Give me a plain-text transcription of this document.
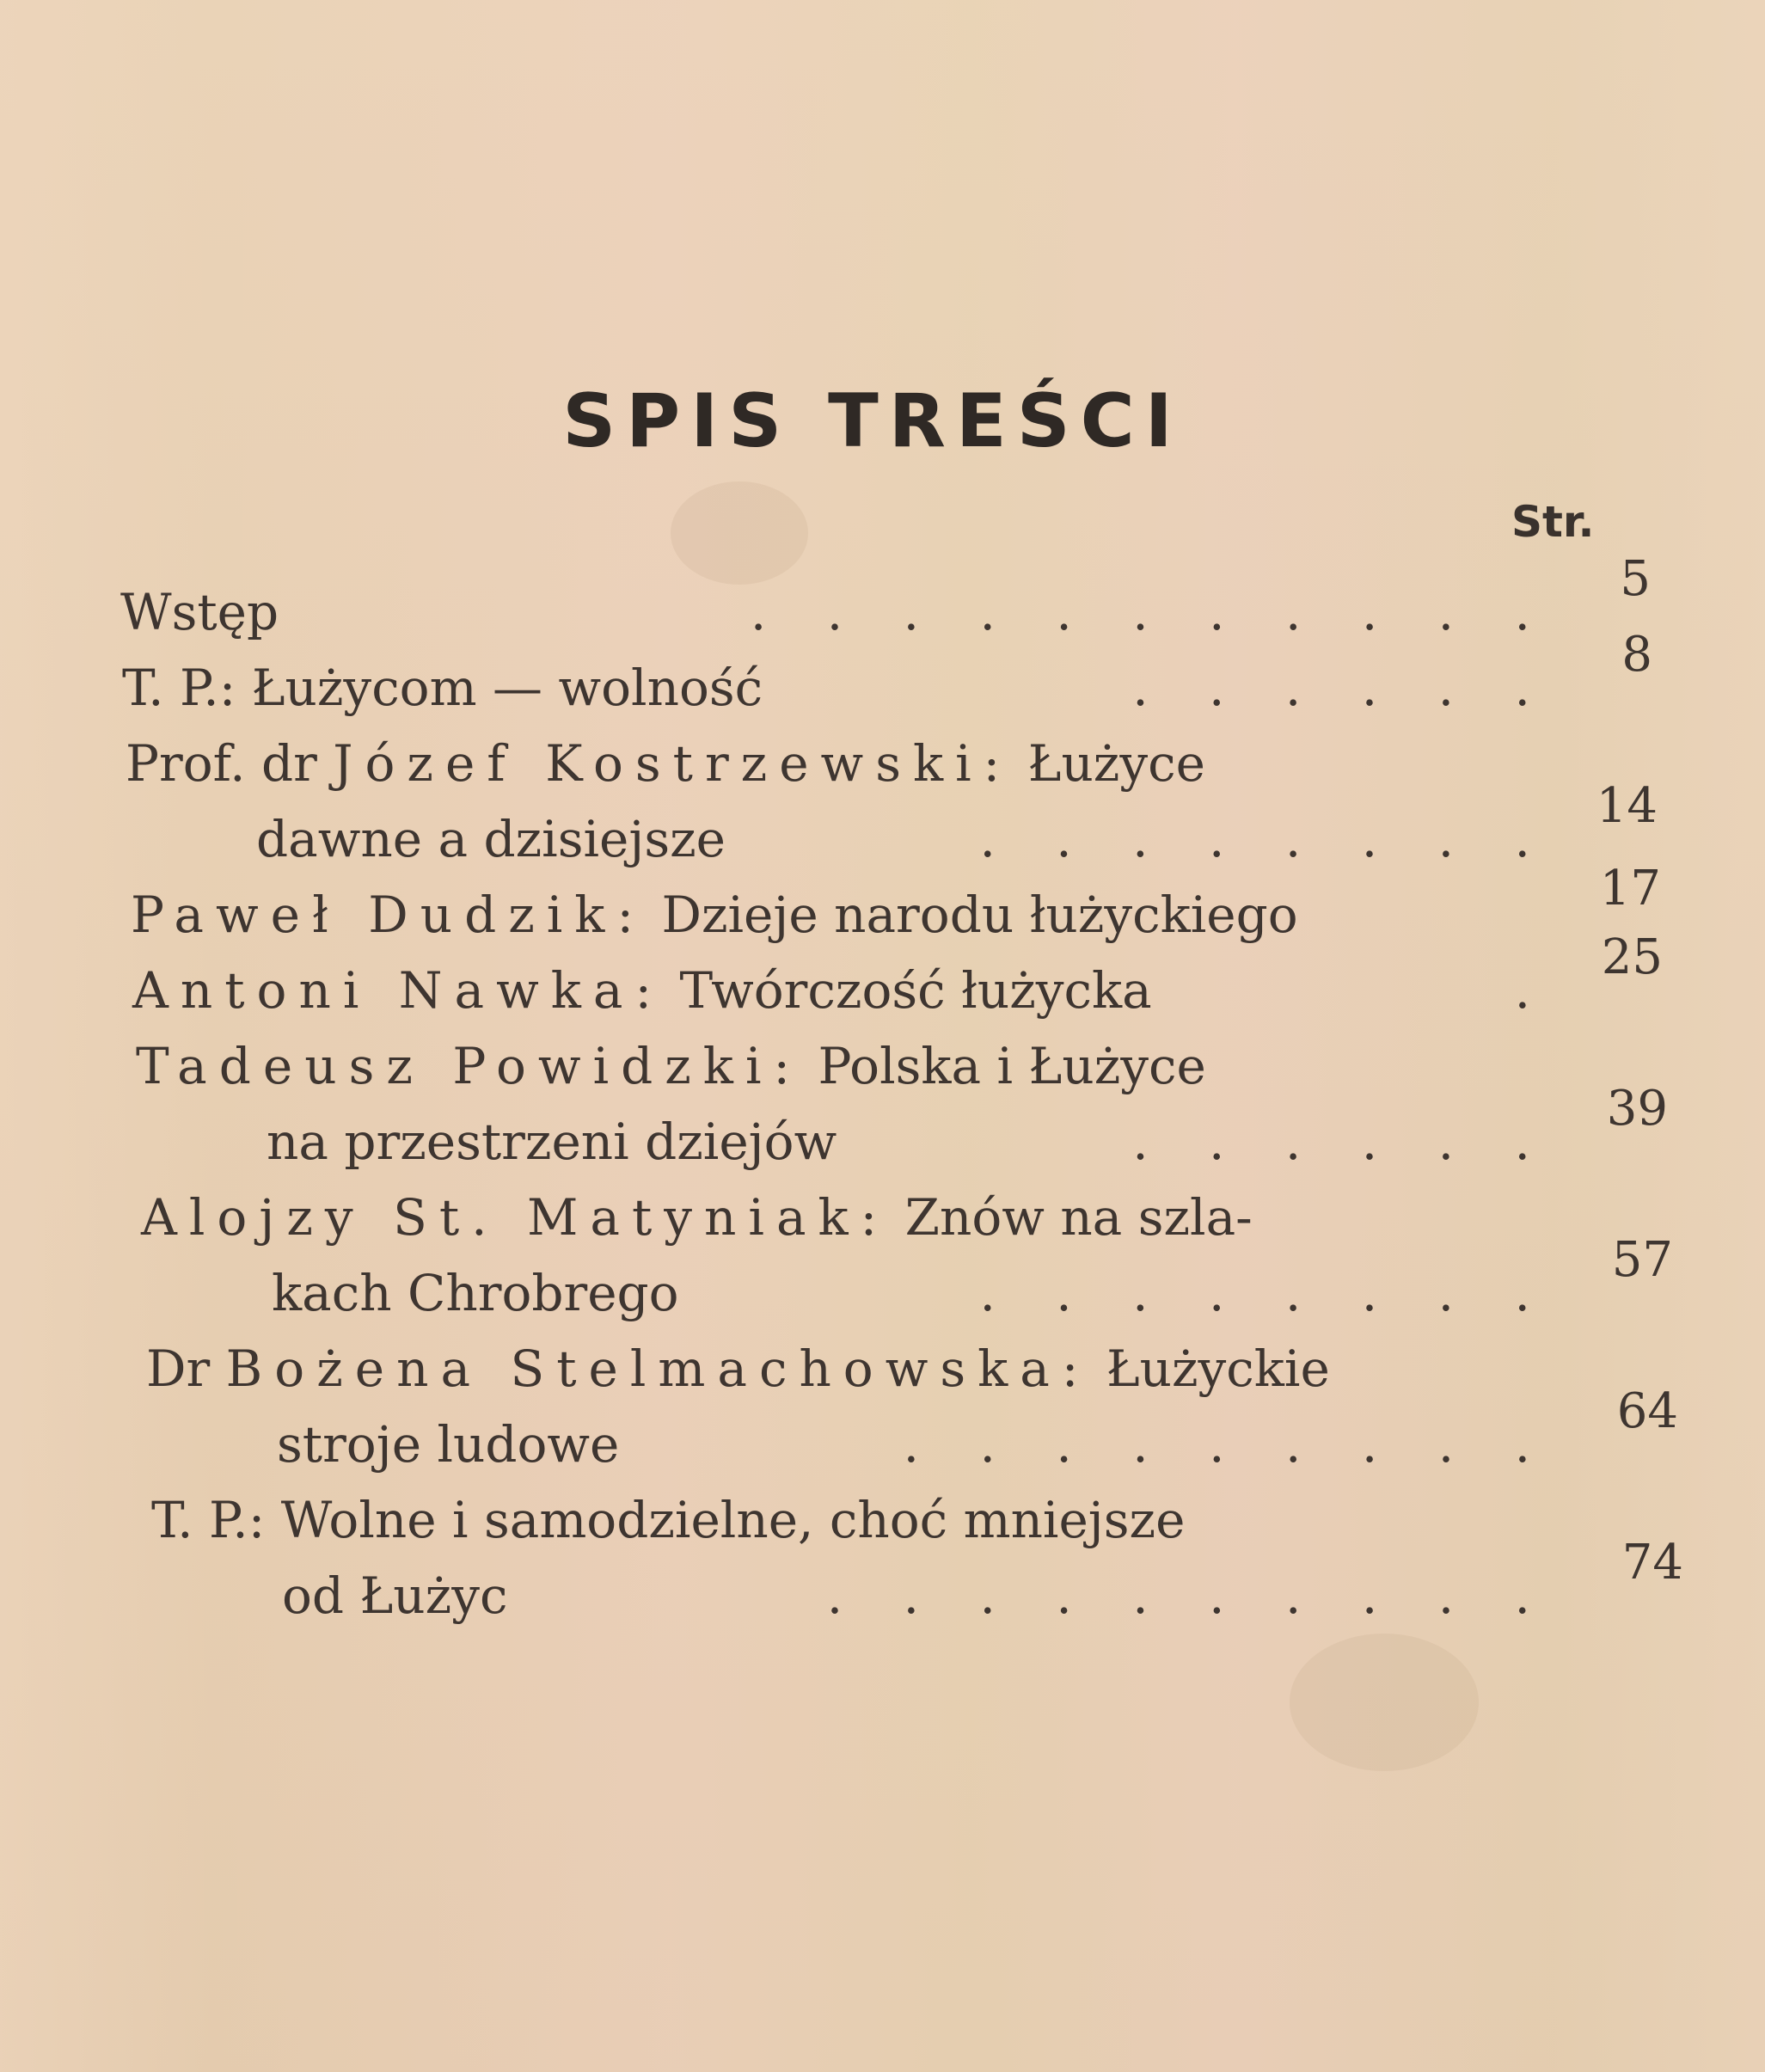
SPIS TREŚCI
Str.
Wstęp	. . . . . . . . . . .
5
T. P.: Łużycom — wolność	. . . . . .
8
Prof. dr Józef Kostrzewski: Łużyce
dawne a dzisiejsze	. . . . . . . .
14
Paweł Dudzik: Dzieje narodu łużyckiego	17
Antoni Nawka: Twórczość łużycka	.
25
Tadeusz Powidzki: Polska i Łużyce
na przestrzeni dziejów	. . . . . .
39
Alojzy St. Matyniak: Znów na szla-
kach Chrobrego	. . . . . . . .
57
Dr Bożena Stelmachowska: Łużyckie
stroje ludowe	. . . . . . . . .
64
T. P.: Wolne i samodzielne, choć mniejsze
od Łużyc	. . . . . . . . . .
74
